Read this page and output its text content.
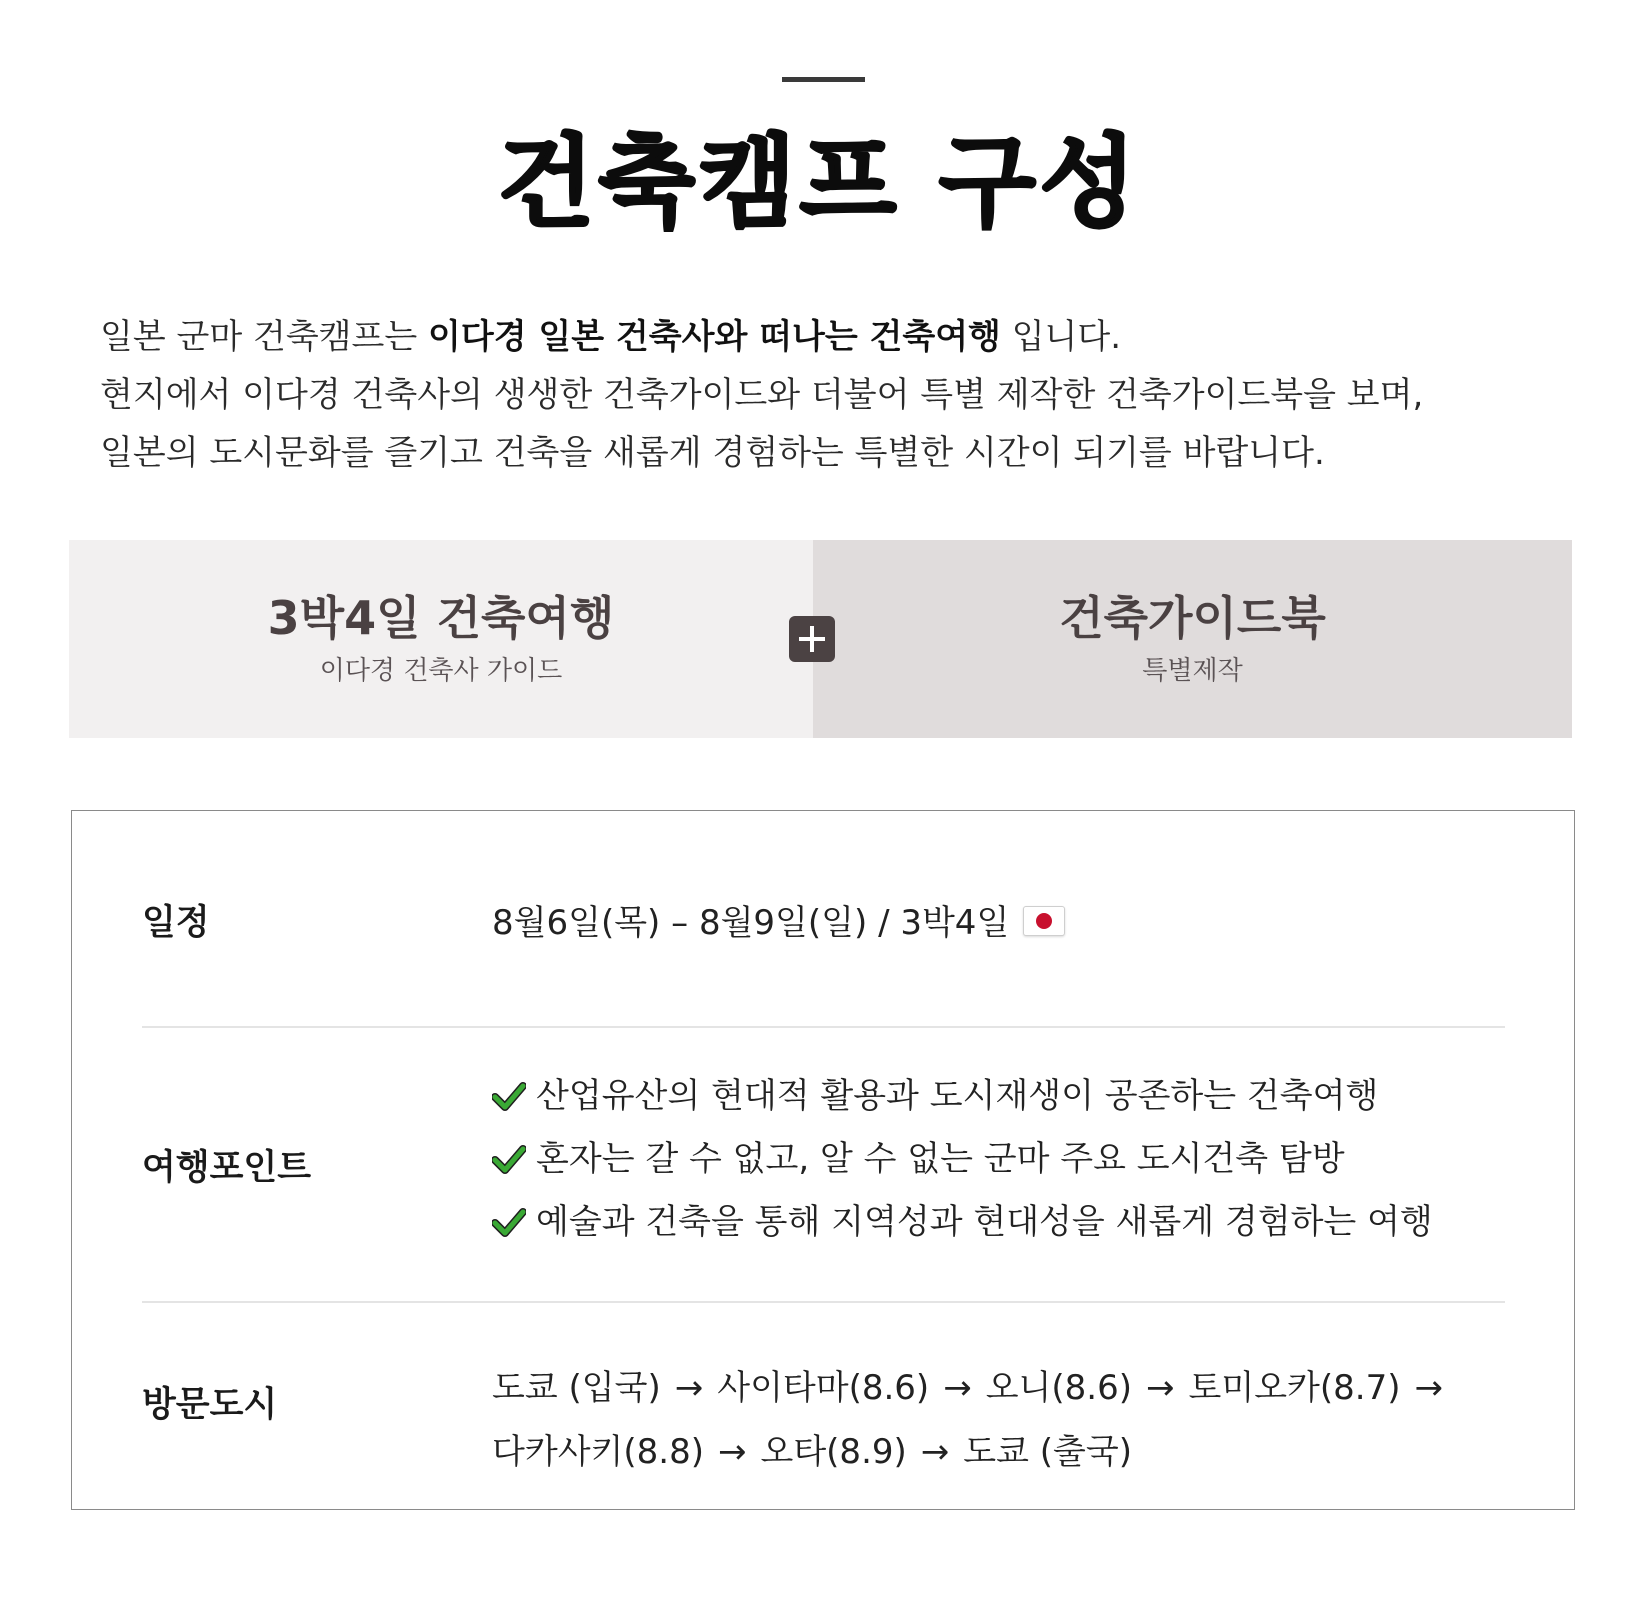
건축캠프 구성

일본 군마 건축캠프는 이다경 일본 건축사와 떠나는 건축여행 입니다.

현지에서 이다경 건축사의 생생한 건축가이드와 더불어 특별 제작한 건축가이드북을 보며,

일본의 도시문화를 즐기고 건축을 새롭게 경험하는 특별한 시간이 되기를 바랍니다.

3박4일 건축여행
이다경 건축사 가이드
건축가이드북
특별제작
일정	8월6일(목) – 8월9일(일) / 3박4일
여행포인트
산업유산의 현대적 활용과 도시재생이 공존하는 건축여행
혼자는 갈 수 없고, 알 수 없는 군마 주요 도시건축 탐방
예술과 건축을 통해 지역성과 현대성을 새롭게 경험하는 여행
방문도시	도쿄 (입국) → 사이타마(8.6) → 오니(8.6) → 토미오카(8.7) →
다카사키(8.8) → 오타(8.9) → 도쿄 (출국)
